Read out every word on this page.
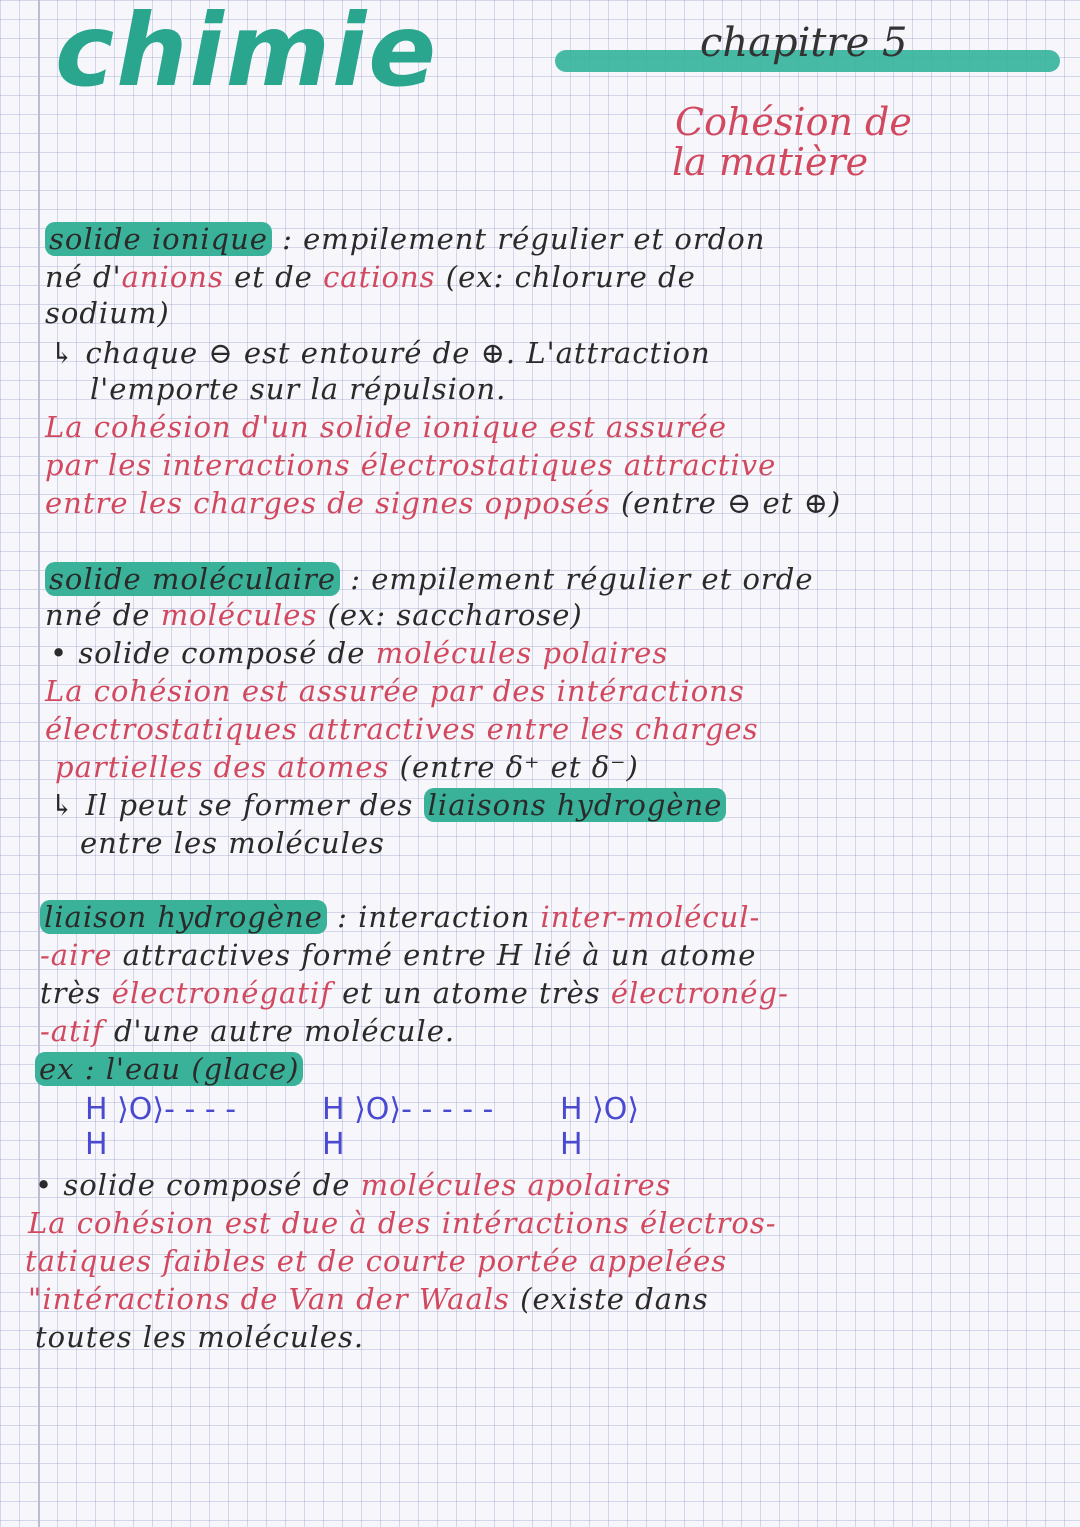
chimie	chapitre 5
Cohésion de
la matière
solide ionique : empilement régulier et ordon
né d'anions et de cations (ex: chlorure de
sodium)
↳ chaque ⊖ est entouré de ⊕. L'attraction
l'emporte sur la répulsion.
La cohésion d'un solide ionique est assurée
par les interactions électrostatiques attractive
entre les charges de signes opposés (entre ⊖ et ⊕)
solide moléculaire : empilement régulier et orde
nné de molécules (ex: saccharose)
• solide composé de molécules polaires
La cohésion est assurée par des intéractions
électrostatiques attractives entre les charges
partielles des atomes (entre δ⁺ et δ⁻)
↳ Il peut se former des liaisons hydrogène
entre les molécules
liaison hydrogène : interaction inter-molécul-
-aire attractives formé entre H lié à un atome
très électronégatif et un atome très électronég-
-atif d'une autre molécule.
ex : l'eau (glace)
• solide composé de molécules apolaires
La cohésion est due à des intéractions électros-
tatiques faibles et de courte portée appelées
"intéractions de Van der Waals (existe dans
toutes les molécules.
H ⟩O⟩- - - -
H
H ⟩O⟩- - - - -
H
H ⟩O⟩
H
